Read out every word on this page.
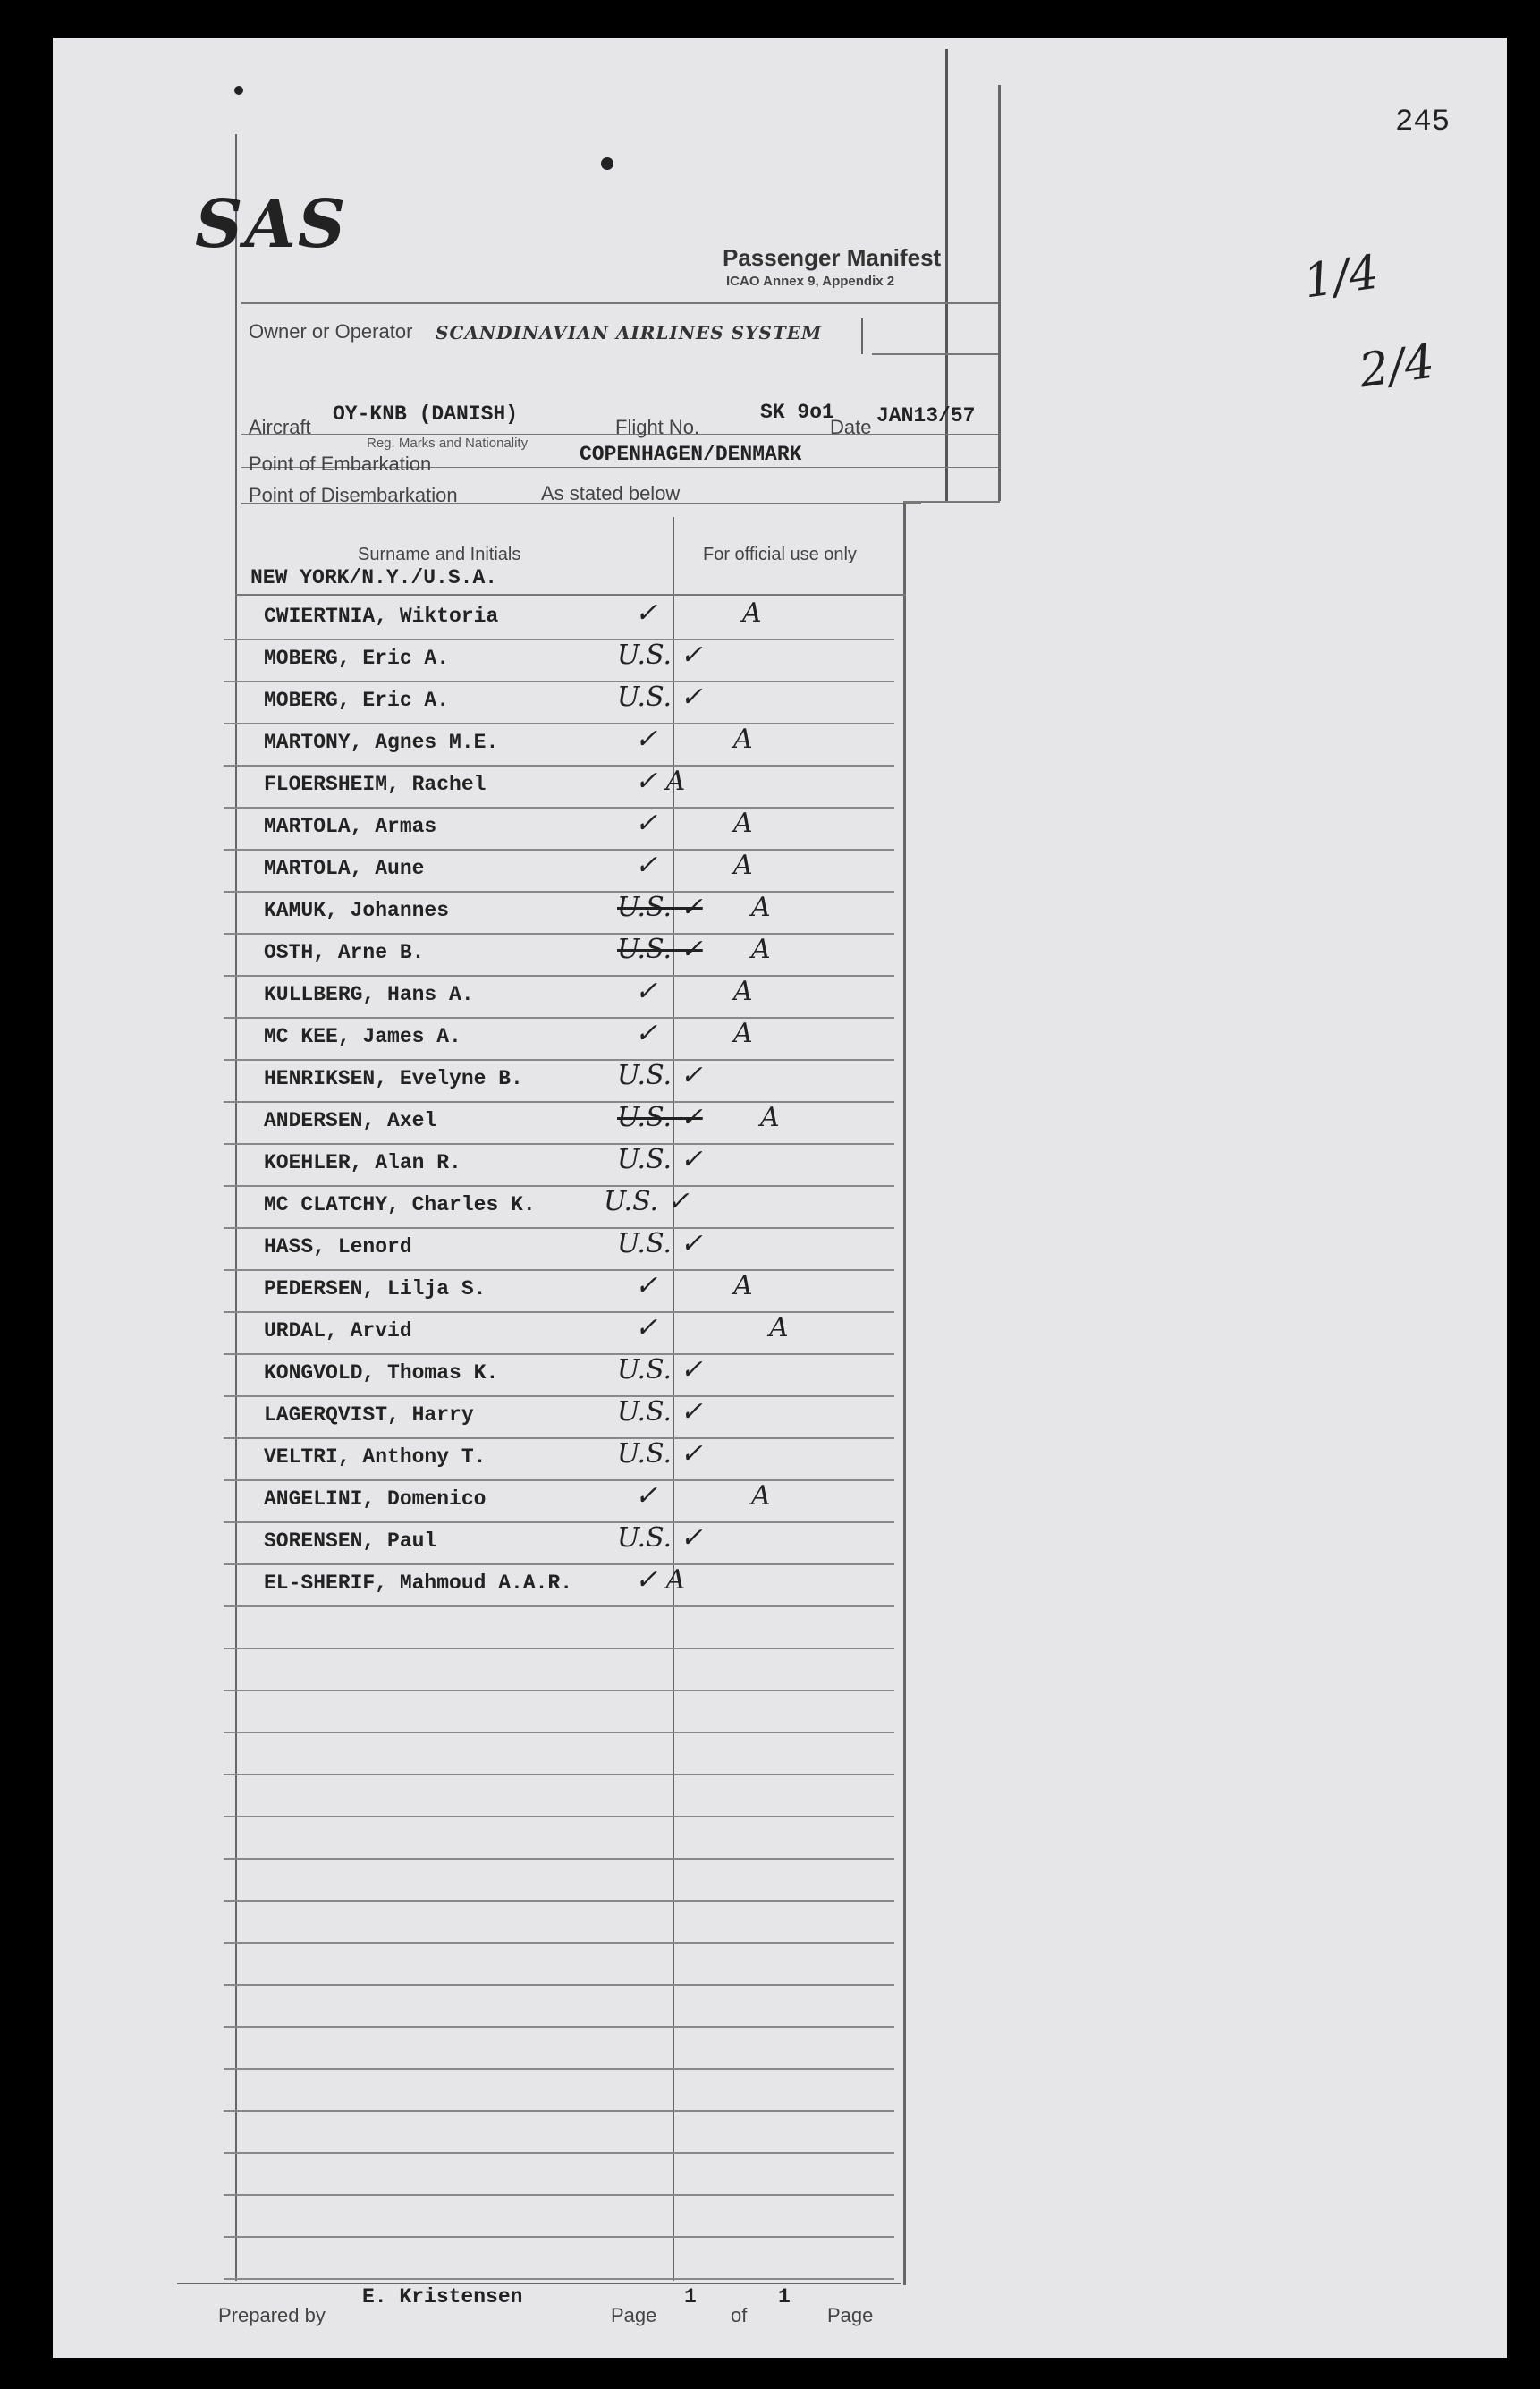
245
1/4
2/4
SAS	Passenger Manifest
ICAO Annex 9, Appendix 2
Owner or Operator SCANDINAVIAN AIRLINES SYSTEM
Aircraft
OY-KNB (DANISH)
Reg. Marks and Nationality
Flight No.
SK 9o1
Date JAN13/57
Point of Embarkation	COPENHAGEN/DENMARK
Point of Disembarkation	As stated below
Surname and Initials	For official use only
NEW YORK/N.Y./U.S.A.
CWIERTNIA, Wiktoria	✓	A
MOBERG, Eric A.	U.S. ✓
MOBERG, Eric A.	U.S. ✓
MARTONY, Agnes M.E.	✓	A
FLOERSHEIM, Rachel	✓ A
MARTOLA, Armas	✓	A
MARTOLA, Aune	✓	A
KAMUK, Johannes	U.S. ✓ A
OSTH, Arne B.	U.S. ✓ A
KULLBERG, Hans A.	✓	A
MC KEE, James A.	✓	A
HENRIKSEN, Evelyne B.	U.S. ✓
ANDERSEN, Axel	U.S. ✓ A
KOEHLER, Alan R.	U.S. ✓
MC CLATCHY, Charles K.	U.S. ✓
HASS, Lenord	U.S. ✓
PEDERSEN, Lilja S.	✓	A
URDAL, Arvid	✓	A
KONGVOLD, Thomas K.	U.S. ✓
LAGERQVIST, Harry	U.S. ✓
VELTRI, Anthony T.	U.S. ✓
ANGELINI, Domenico	✓	A
SORENSEN, Paul	U.S. ✓
EL-SHERIF, Mahmoud A.A.R. ✓ A
Prepared by
E. Kristensen
Page
1
of
1
Page
